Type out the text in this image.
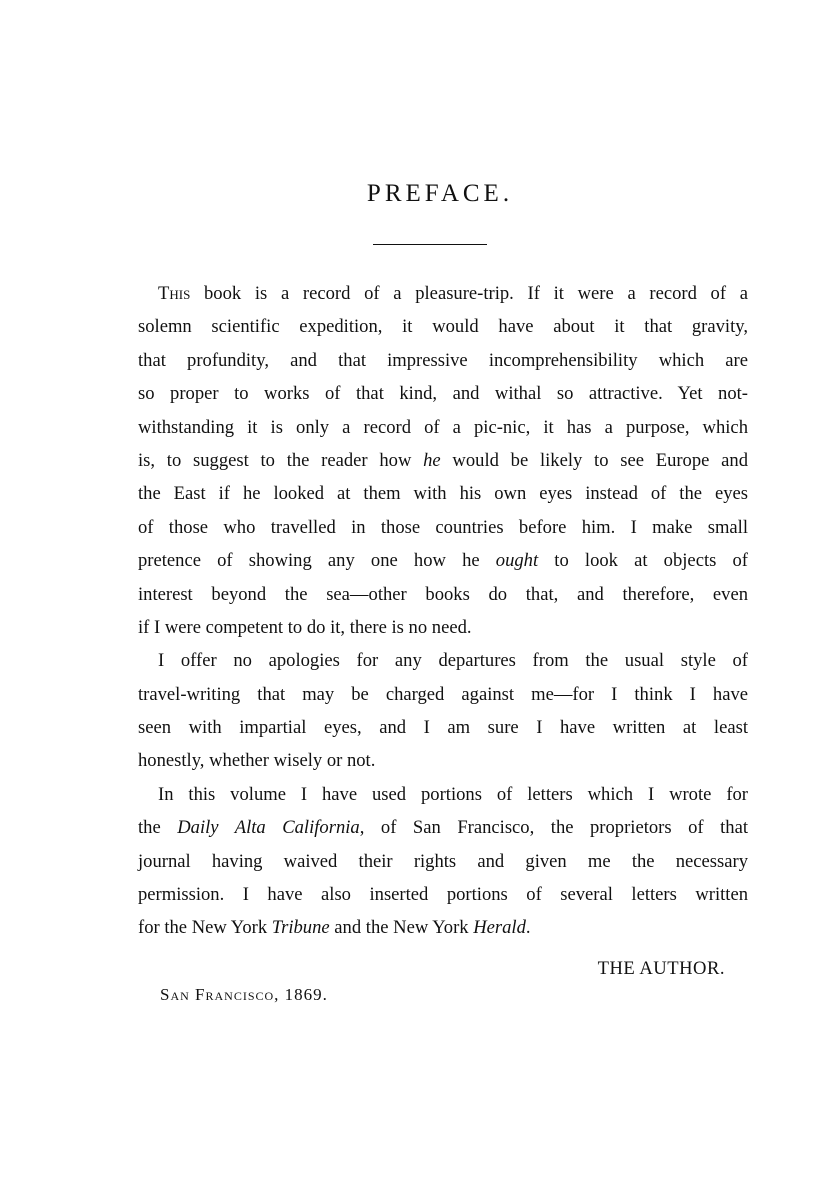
PREFACE.
This book is a record of a pleasure-trip. If it were a record of a
solemn scientific expedition, it would have about it that gravity,
that profundity, and that impressive incomprehensibility which are
so proper to works of that kind, and withal so attractive. Yet not-
withstanding it is only a record of a pic-nic, it has a purpose, which
is, to suggest to the reader how he would be likely to see Europe and
the East if he looked at them with his own eyes instead of the eyes
of those who travelled in those countries before him. I make small
pretence of showing any one how he ought to look at objects of
interest beyond the sea—other books do that, and therefore, even
if I were competent to do it, there is no need.
I offer no apologies for any departures from the usual style of
travel-writing that may be charged against me—for I think I have
seen with impartial eyes, and I am sure I have written at least
honestly, whether wisely or not.
In this volume I have used portions of letters which I wrote for
the Daily Alta California, of San Francisco, the proprietors of that
journal having waived their rights and given me the necessary
permission. I have also inserted portions of several letters written
for the New York Tribune and the New York Herald.
THE AUTHOR.
San Francisco, 1869.
